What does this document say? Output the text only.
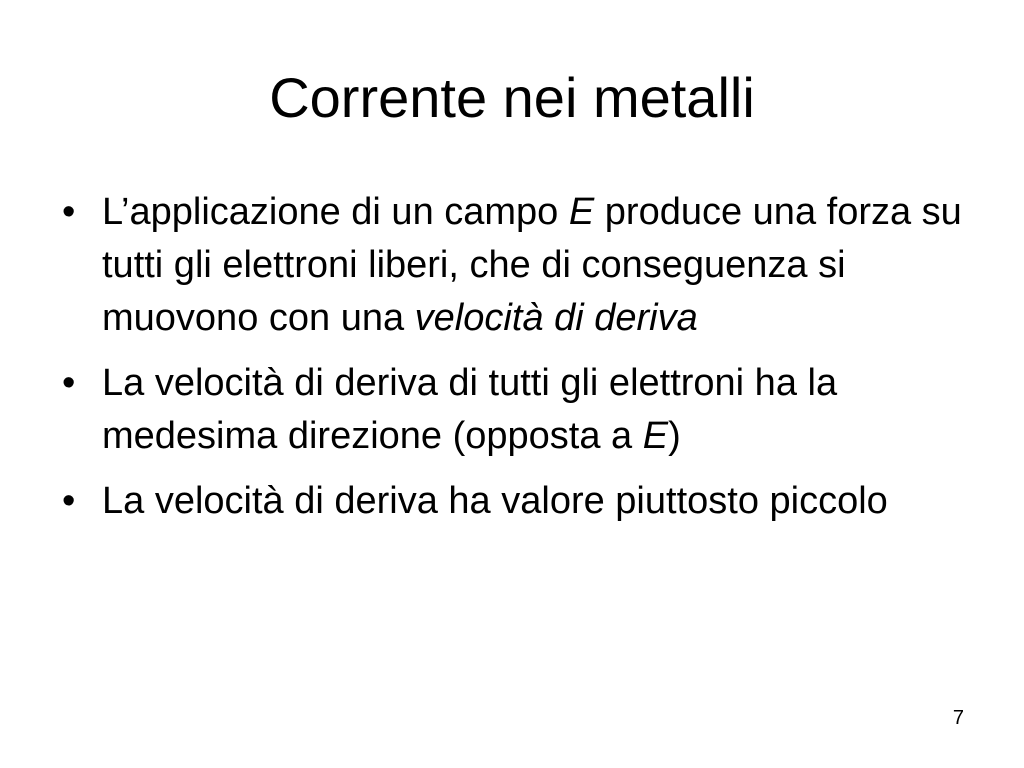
Corrente nei metalli
• L’applicazione di un campo E produce una forza su tutti gli elettroni liberi, che di conseguenza si muovono con una velocità di deriva
• La velocità di deriva di tutti gli elettroni ha la medesima direzione (opposta a E)
• La velocità di deriva ha valore piuttosto piccolo
7
